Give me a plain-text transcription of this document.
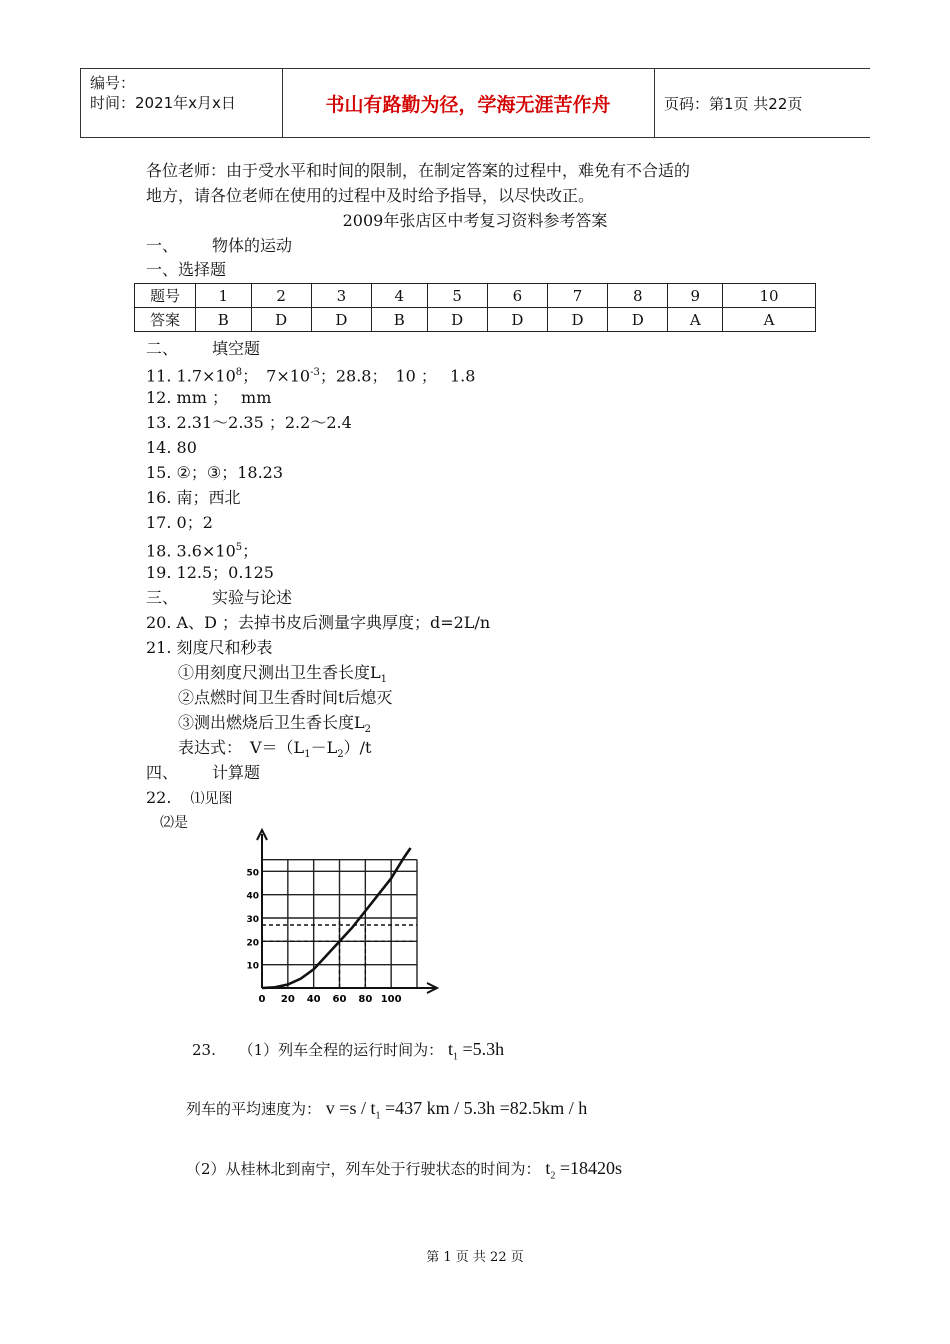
编号：
时间：2021年x月x日	书山有路勤为径，学海无涯苦作舟	页码：第1页 共22页
各位老师：由于受水平和时间的限制，在制定答案的过程中，难免有不合适的
地方，请各位老师在使用的过程中及时给予指导，以尽快改正。
2009年张店区中考复习资料参考答案
一、 物体的运动
一、选择题
题号	1	2	3	4	5	6	7	8	9	10
答案	B	D	D	B	D	D	D	D	A	A
二、 填空题
11. $1.7\times 10^8$；　$7\times 10^{-3}$；28.8；　10 ；　 1.8
12. mm ；　 mm
13. 2.31～2.35 ；2.2～2.4
14. 80
15. ②；③；18.23
16. 南；西北
17. 0；2
18. $3.6\times 10^5$；
19. 12.5；0.125
三、 实验与论述
20. A、D ；去掉书皮后测量字典厚度；d=2L/n
21. 刻度尺和秒表
①用刻度尺测出卫生香长度$L_1$
②点燃时间卫生香时间t后熄灭
③测出燃烧后卫生香长度$L_2$
表达式：　$V=(L_1-L_2)/t$
四、 计算题
22. ⑴见图
⑵是
0 20 40 60 80 100
10
20
30
40
50
23. （1）列车全程的运行时间为： $t_1 =5.3h$
列车的平均速度为： $v =s / t_1 =437$ km / 5.3h =82.5km / h
（2）从桂林北到南宁，列车处于行驶状态的时间为： $t_2 =18420s$
第 1 页 共 22 页
